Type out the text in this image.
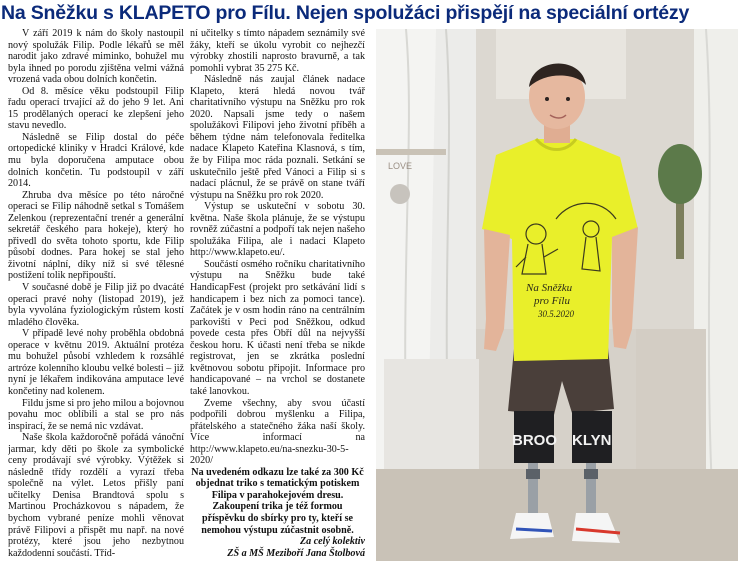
Na Sněžku s KLAPETO pro Fílu. Nejen spolužáci přispějí na speciální ortézy

V září 2019 k nám do školy nastoupil nový spolužák Filip. Podle lékařů se měl narodit jako zdravé miminko, bohužel mu byla ihned po porodu zjištěna velmi vážná vrozená vada obou dolních končetin.

Od 8. měsíce věku podstoupil Filip řadu operací trvající až do jeho 9 let. Ani 15 prodělaných operací ke zlepšení jeho stavu nevedlo.

Následně se Filip dostal do péče ortopedické kliniky v Hradci Králové, kde mu byla doporučena amputace obou dolních končetin. Tu podstoupil v září 2014.

Zhruba dva měsíce po této náročné operaci se Filip náhodně setkal s Tomášem Zelenkou (reprezentační trenér a generální sekretář českého para hokeje), který ho přivedl do světa tohoto sportu, kde Filip působí dodnes. Para hokej se stal jeho životní náplní, díky níž si své tělesné postižení tolik nepřipouští.

V současné době je Filip již po dvacáté operaci pravé nohy (listopad 2019), jež byla vyvolána fyziologickým růstem kostí mladého člověka.

V případě levé nohy proběhla obdobná operace v květnu 2019. Aktuální protéza mu bohužel působí vzhledem k rozsáhlé artróze kolenního kloubu velké bolesti – již nyní je lékařem indikována amputace levé končetiny nad kolenem.

Fildu jsme si pro jeho milou a bojovnou povahu moc oblíbili a stal se pro nás inspirací, že se nemá nic vzdávat.

Naše škola každoročně pořádá vánoční jarmar, kdy děti po škole za symbolické ceny prodávají své výrobky. Výtěžek si následně třídy rozdělí a vyrazí třeba společně na výlet. Letos přišly paní učitelky Denisa Brandtová spolu s Martinou Procházkovou s nápadem, že bychom vybrané peníze mohli věnovat právě Filipovi a přispět mu např. na nové protézy, které jsou jeho nezbytnou každodenní součástí. Tříd-

ní učitelky s tímto nápadem seznámily své žáky, kteří se úkolu vyrobit co nejhezčí výrobky zhostili naprosto bravurně, a tak pomohli vybrat 35 275 Kč.

Následně nás zaujal článek nadace Klapeto, která hledá novou tvář charitativního výstupu na Sněžku pro rok 2020. Napsali jsme tedy o našem spolužákovi Filipovi jeho životní příběh a během týdne nám telefonovala ředitelka nadace Klapeto Kateřina Klasnová, s tím, že by Filipa moc ráda poznali. Setkání se uskutečnilo ještě před Vánoci a Filip si s nadací plácnul, že se právě on stane tváří výstupu na Sněžku pro rok 2020.

Výstup se uskuteční v sobotu 30. května. Naše škola plánuje, že se výstupu rovněž zúčastní a podpoří tak nejen našeho spolužáka Filipa, ale i nadaci Klapeto http://www.klapeto.eu/.

Součástí osmého ročníku charitativního výstupu na Sněžku bude také HandicapFest (projekt pro setkávání lidí s handicapem i bez nich za pomoci tance). Začátek je v osm hodin ráno na centrálním parkovišti v Peci pod Sněžkou, odkud povede cesta přes Obří důl na nejvyšší českou horu. K účasti není třeba se nikde registrovat, jen se zkrátka poslední květnovou sobotu připojit. Informace pro handicapované – na vrchol se dostanete také lanovkou.

Zveme všechny, aby svou účastí podpořili dobrou myšlenku a Filipa, přátelského a statečného žáka naší školy. Více informací na http://www.klapeto.eu/na-snezku-30-5-2020/

Na uvedeném odkazu lze také za 300 Kč objednat triko s tematickým potiskem Filipa v parahokejovém dresu. Zakoupení trika je též formou příspěvku do sbírky pro ty, kteří se nemohou výstupu zúčastnit osobně.

Za celý kolektiv

ZŠ a MŠ Meziboří Jana Štolbová

LOVE
Na Sněžku
pro Fílu
30.5.2020
BROO KLYN
